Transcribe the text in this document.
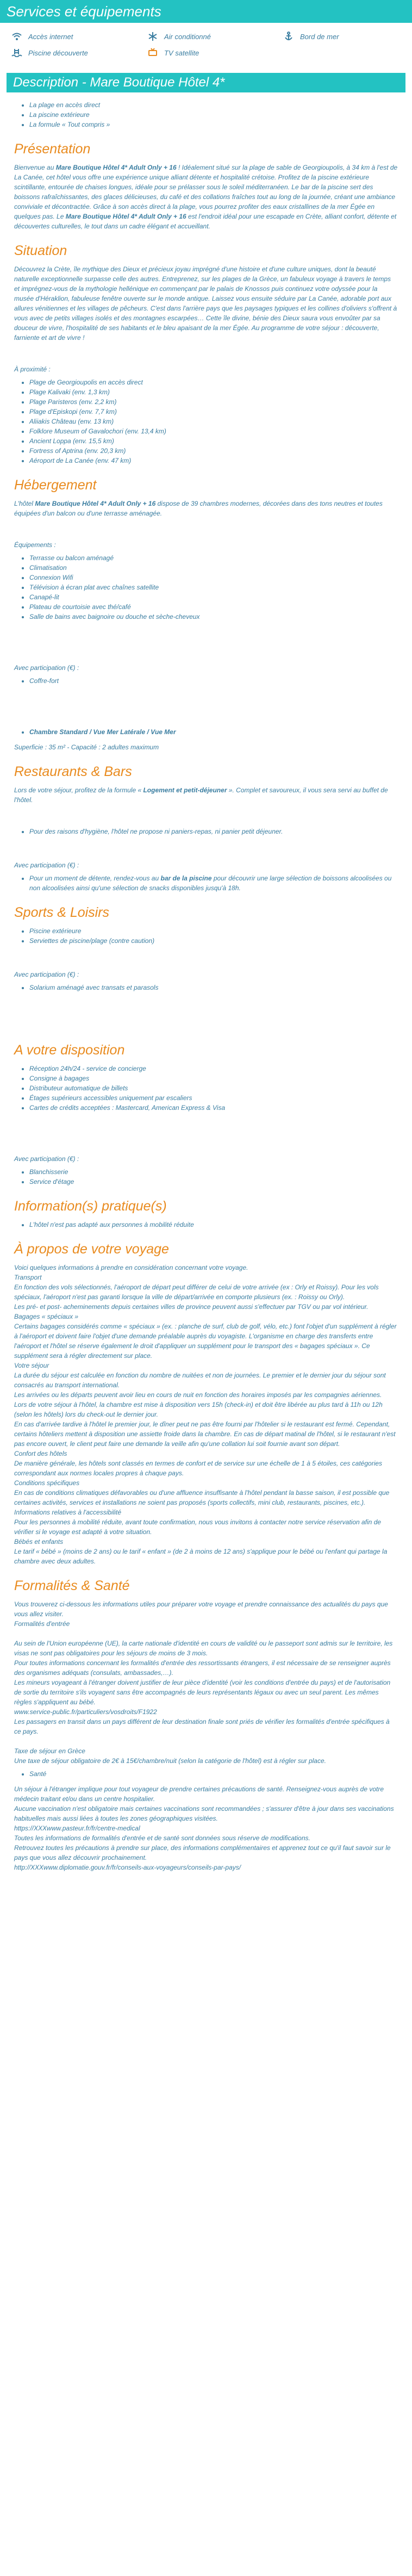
Services et équipements
Accès internet	Air conditionné	Bord de mer
Piscine découverte	TV satellite
Description - Mare Boutique Hôtel 4*
• La plage en accès direct
• La piscine extérieure
• La formule « Tout compris »
Présentation

Bienvenue au Mare Boutique Hôtel 4* Adult Only + 16 ! Idéalement situé sur la plage de sable de Georgioupolis, à 34 km à l'est de La Canée, cet hôtel vous offre une expérience unique alliant détente et hospitalité crétoise. Profitez de la piscine extérieure scintillante, entourée de chaises longues, idéale pour se prélasser sous le soleil méditerranéen. Le bar de la piscine sert des boissons rafraîchissantes, des glaces délicieuses, du café et des collations fraîches tout au long de la journée, créant une ambiance conviviale et décontractée. Grâce à son accès direct à la plage, vous pourrez profiter des eaux cristallines de la mer Égée en quelques pas. Le Mare Boutique Hôtel 4* Adult Only + 16 est l'endroit idéal pour une escapade en Crète, alliant confort, détente et découvertes culturelles, le tout dans un cadre élégant et accueillant.

Situation

Découvrez la Crète, île mythique des Dieux et précieux joyau imprégné d'une histoire et d'une culture uniques, dont la beauté naturelle exceptionnelle surpasse celle des autres. Entreprenez, sur les plages de la Grèce, un fabuleux voyage à travers le temps et imprégnez-vous de la mythologie hellénique en commençant par le palais de Knossos puis continuez votre odyssée pour la musée d'Héraklion, fabuleuse fenêtre ouverte sur le monde antique. Laissez vous ensuite séduire par La Canée, adorable port aux allures vénitiennes et les villages de pêcheurs. C'est dans l'arrière pays que les paysages typiques et les collines d'oliviers s'offrent à vous avec de petits villages isolés et des montagnes escarpées… Cette île divine, bénie des Dieux saura vous envoûter par sa douceur de vivre, l'hospitalité de ses habitants et le bleu apaisant de la mer Égée. Au programme de votre séjour : découverte, farniente et art de vivre !

À proximité :

• Plage de Georgioupolis en accès direct
• Plage Kalivaki (env. 1,3 km)
• Plage Paristeros (env. 2,2 km)
• Plage d'Episkopi (env. 7,7 km)
• Aliiakis Château (env. 13 km)
• Folklore Museum of Gavalochori (env. 13,4 km)
• Ancient Loppa (env. 15,5 km)
• Fortress of Aptrina (env. 20,3 km)
• Aéroport de La Canée (env. 47 km)
Hébergement

L'hôtel Mare Boutique Hôtel 4* Adult Only + 16 dispose de 39 chambres modernes, décorées dans des tons neutres et toutes équipées d'un balcon ou d'une terrasse aménagée.

Équipements :

• Terrasse ou balcon aménagé
• Climatisation
• Connexion Wifi
• Télévision à écran plat avec chaînes satellite
• Canapé-lit
• Plateau de courtoisie avec thé/café
• Salle de bains avec baignoire ou douche et sèche-cheveux

Avec participation (€) :

• Coffre-fort
• Chambre Standard / Vue Mer Latérale / Vue Mer

Superficie : 35 m² - Capacité : 2 adultes maximum

Restaurants & Bars

Lors de votre séjour, profitez de la formule « Logement et petit-déjeuner ». Complet et savoureux, il vous sera servi au buffet de l'hôtel.

• Pour des raisons d'hygiène, l'hôtel ne propose ni paniers-repas, ni panier petit déjeuner.

Avec participation (€) :

• Pour un moment de détente, rendez-vous au bar de la piscine pour découvrir une large sélection de boissons alcoolisées ou non alcoolisées ainsi qu'une sélection de snacks disponibles jusqu'à 18h.
Sports & Loisirs
• Piscine extérieure
• Serviettes de piscine/plage (contre caution)

Avec participation (€) :

• Solarium aménagé avec transats et parasols
A votre disposition
• Réception 24h/24 - service de concierge
• Consigne à bagages
• Distributeur automatique de billets
• Étages supérieurs accessibles uniquement par escaliers
• Cartes de crédits acceptées : Mastercard, American Express & Visa

Avec participation (€) :

• Blanchisserie
• Service d'étage
Information(s) pratique(s)
• L'hôtel n'est pas adapté aux personnes à mobilité réduite
À propos de votre voyage

Voici quelques informations à prendre en considération concernant votre voyage.

Transport

En fonction des vols sélectionnés, l'aéroport de départ peut différer de celui de votre arrivée (ex : Orly et Roissy). Pour les vols spéciaux, l'aéroport n'est pas garanti lorsque la ville de départ/arrivée en comporte plusieurs (ex. : Roissy ou Orly).

Les pré- et post- acheminements depuis certaines villes de province peuvent aussi s'effectuer par TGV ou par vol intérieur.

Bagages « spéciaux »

Certains bagages considérés comme « spéciaux » (ex. : planche de surf, club de golf, vélo, etc.) font l'objet d'un supplément à régler à l'aéroport et doivent faire l'objet d'une demande préalable auprès du voyagiste. L'organisme en charge des transferts entre l'aéroport et l'hôtel se réserve également le droit d'appliquer un supplément pour le transport des « bagages spéciaux ». Ce supplément sera à régler directement sur place.

Votre séjour

La durée du séjour est calculée en fonction du nombre de nuitées et non de journées. Le premier et le dernier jour du séjour sont consacrés au transport international.

Les arrivées ou les départs peuvent avoir lieu en cours de nuit en fonction des horaires imposés par les compagnies aériennes.

Lors de votre séjour à l'hôtel, la chambre est mise à disposition vers 15h (check-in) et doit être libérée au plus tard à 11h ou 12h (selon les hôtels) lors du check-out le dernier jour.

En cas d'arrivée tardive à l'hôtel le premier jour, le dîner peut ne pas être fourni par l'hôtelier si le restaurant est fermé. Cependant, certains hôteliers mettent à disposition une assiette froide dans la chambre. En cas de départ matinal de l'hôtel, si le restaurant n'est pas encore ouvert, le client peut faire une demande la veille afin qu'une collation lui soit fournie avant son départ.

Confort des hôtels

De manière générale, les hôtels sont classés en termes de confort et de service sur une échelle de 1 à 5 étoiles, ces catégories correspondant aux normes locales propres à chaque pays.

Conditions spécifiques

En cas de conditions climatiques défavorables ou d'une affluence insuffisante à l'hôtel pendant la basse saison, il est possible que certaines activités, services et installations ne soient pas proposés (sports collectifs, mini club, restaurants, piscines, etc.).

Informations relatives à l'accessibilité

Pour les personnes à mobilité réduite, avant toute confirmation, nous vous invitons à contacter notre service réservation afin de vérifier si le voyage est adapté à votre situation.

Bébés et enfants

Le tarif « bébé » (moins de 2 ans) ou le tarif « enfant » (de 2 à moins de 12 ans) s'applique pour le bébé ou l'enfant qui partage la chambre avec deux adultes.

Formalités & Santé

Vous trouverez ci-dessous les informations utiles pour préparer votre voyage et prendre connaissance des actualités du pays que vous allez visiter.

Formalités d'entrée

Au sein de l'Union européenne (UE), la carte nationale d'identité en cours de validité ou le passeport sont admis sur le territoire, les visas ne sont pas obligatoires pour les séjours de moins de 3 mois.

Pour toutes informations concernant les formalités d'entrée des ressortissants étrangers, il est nécessaire de se renseigner auprès des organismes adéquats (consulats, ambassades,…).

Les mineurs voyageant à l'étranger doivent justifier de leur pièce d'identité (voir les conditions d'entrée du pays) et de l'autorisation de sortie du territoire s'ils voyagent sans être accompagnés de leurs représentants légaux ou avec un seul parent. Les mêmes règles s'appliquent au bébé.

www.service-public.fr/particuliers/vosdroits/F1922

Les passagers en transit dans un pays différent de leur destination finale sont priés de vérifier les formalités d'entrée spécifiques à ce pays.

Taxe de séjour en Grèce

Une taxe de séjour obligatoire de 2€ à 15€/chambre/nuit (selon la catégorie de l'hôtel) est à régler sur place.

• Santé

Un séjour à l'étranger implique pour tout voyageur de prendre certaines précautions de santé. Renseignez-vous auprès de votre médecin traitant et/ou dans un centre hospitalier.

Aucune vaccination n'est obligatoire mais certaines vaccinations sont recommandées ; s'assurer d'être à jour dans ses vaccinations habituelles mais aussi liées à toutes les zones géographiques visitées.

https://XXXwww.pasteur.fr/fr/centre-medical

Toutes les informations de formalités d'entrée et de santé sont données sous réserve de modifications.

Retrouvez toutes les précautions à prendre sur place, des informations complémentaires et apprenez tout ce qu'il faut savoir sur le pays que vous allez découvrir prochainement.

http://XXXwww.diplomatie.gouv.fr/fr/conseils-aux-voyageurs/conseils-par-pays/
